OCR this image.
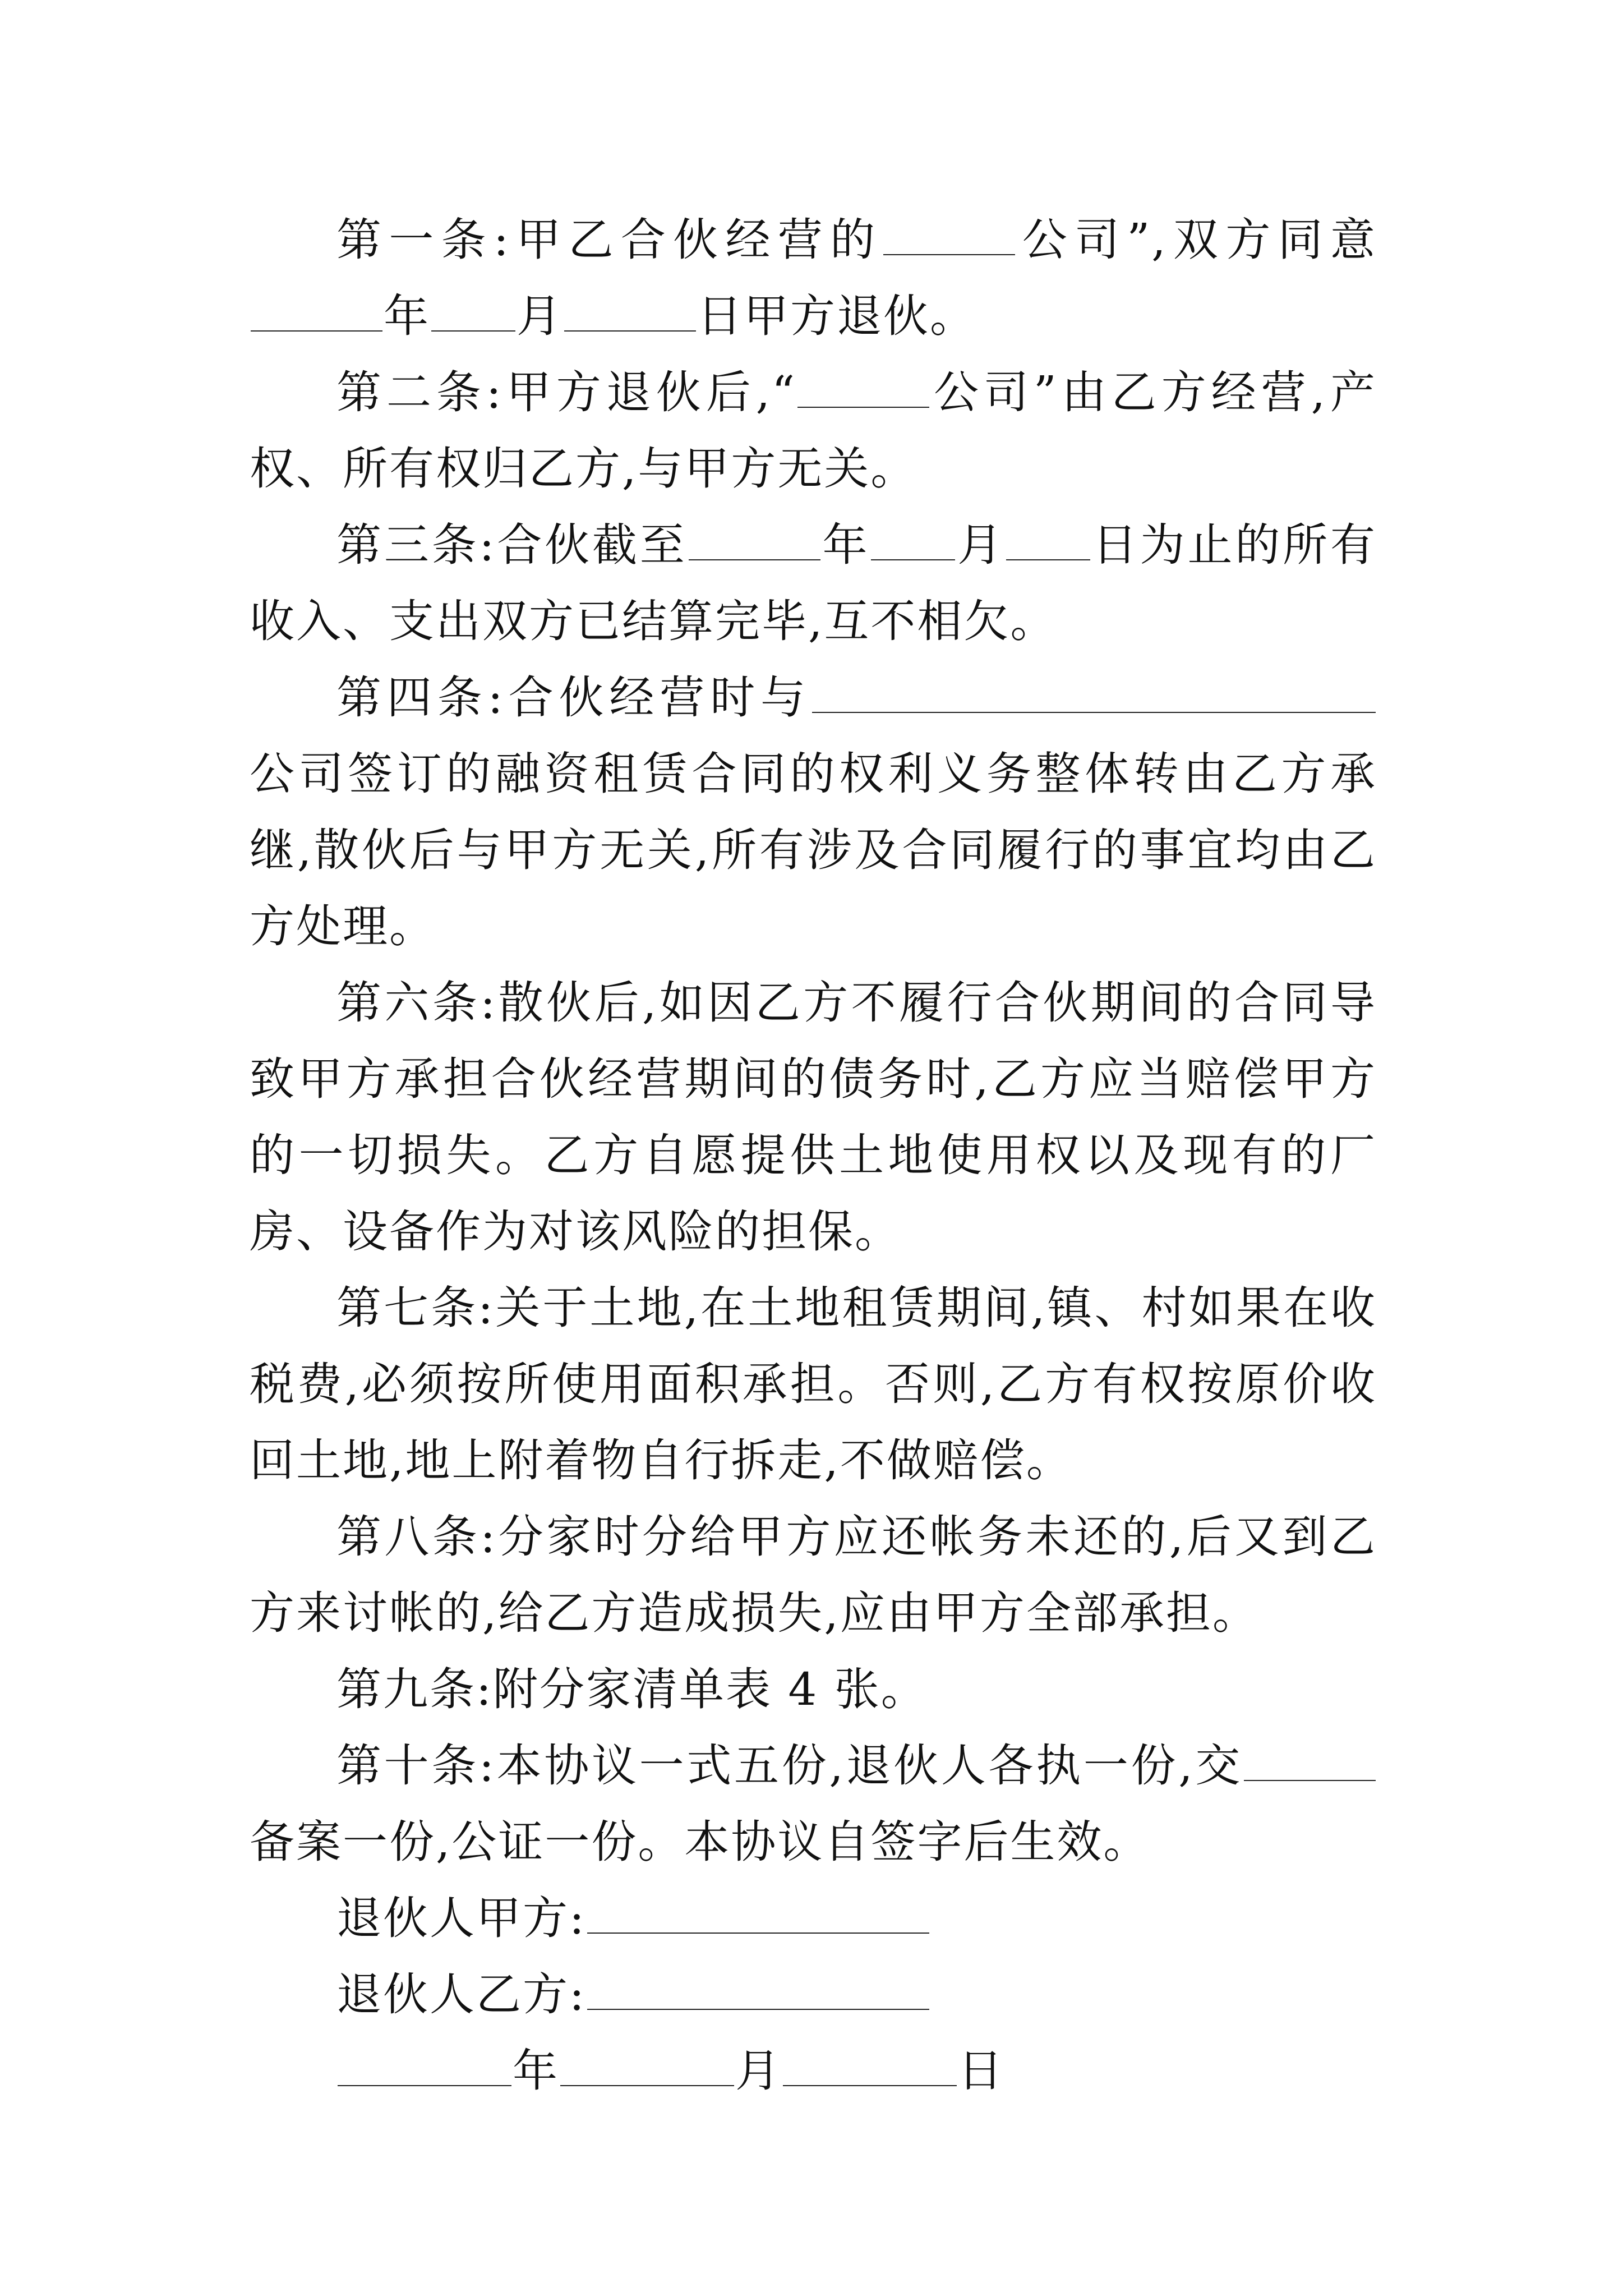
第一条:甲乙合伙经营的	公司”,双方同意年 月	日甲方退伙。

第二条:甲方退伙后,“	公司”由乙方经营,产权、所有权归乙方,与甲方无关。

第三条:合伙截至	年 月 日为止的所有收入、支出双方已结算完毕,互不相欠。

第四条:合伙经营时与公司签订的融资租赁合同的权利义务整体转由乙方承继,散伙后与甲方无关,所有涉及合同履行的事宜均由乙方处理。

第六条:散伙后,如因乙方不履行合伙期间的合同导致甲方承担合伙经营期间的债务时,乙方应当赔偿甲方的一切损失。乙方自愿提供土地使用权以及现有的厂房、设备作为对该风险的担保。

第七条:关于土地,在土地租赁期间,镇、村如果在收税费,必须按所使用面积承担。否则,乙方有权按原价收回土地,地上附着物自行拆走,不做赔偿。

第八条:分家时分给甲方应还帐务未还的,后又到乙方来讨帐的,给乙方造成损失,应由甲方全部承担。

第九条:附分家清单表 4 张。

第十条:本协议一式五份,退伙人各执一份,交备案一份,公证一份。本协议自签字后生效。

退伙人甲方:

退伙人乙方:

年	月	日
